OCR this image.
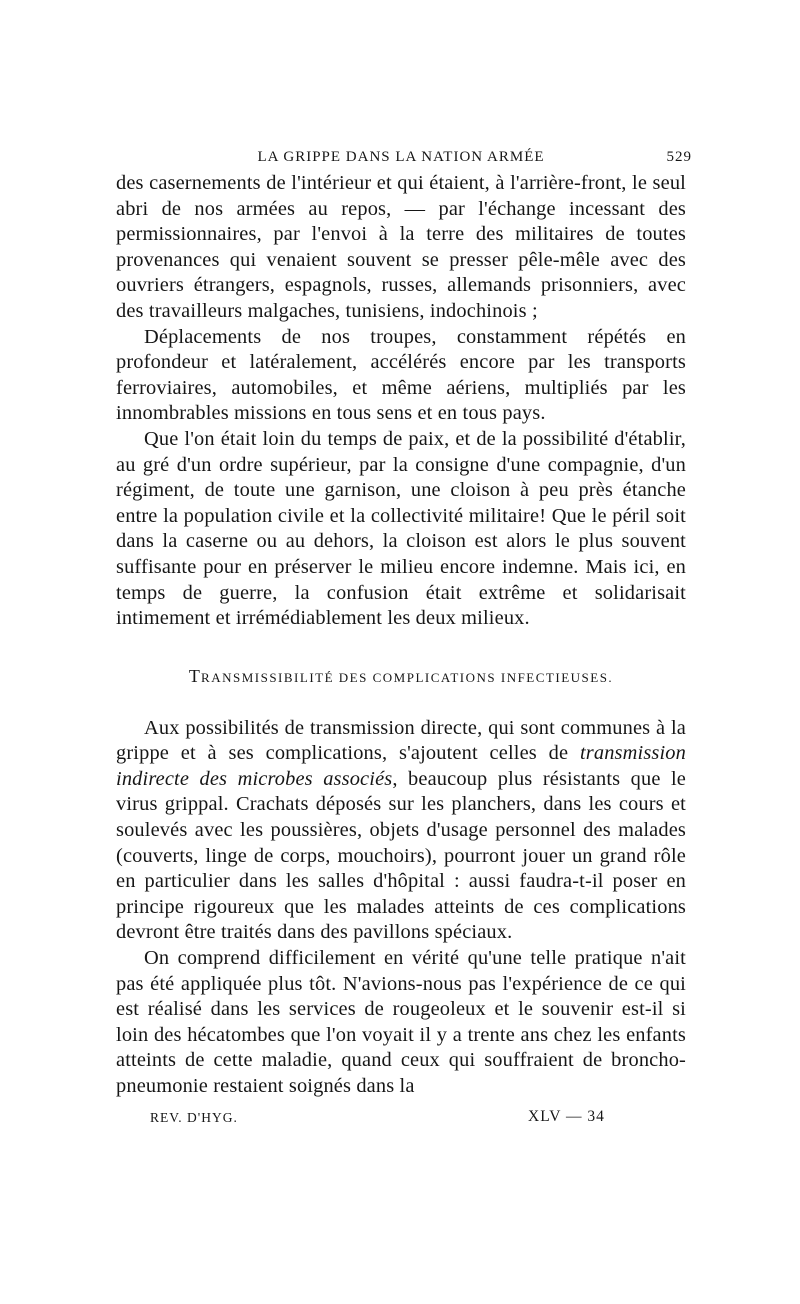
LA GRIPPE DANS LA NATION ARMÉE	529

des casernements de l'intérieur et qui étaient, à l'arrière-front, le seul abri de nos armées au repos, — par l'échange incessant des permissionnaires, par l'envoi à la terre des militaires de toutes provenances qui venaient souvent se presser pêle-mêle avec des ouvriers étrangers, espagnols, russes, allemands prisonniers, avec des travailleurs malgaches, tunisiens, indochinois ;

Déplacements de nos troupes, constamment répétés en profondeur et latéralement, accélérés encore par les transports ferroviaires, automobiles, et même aériens, multipliés par les innombrables missions en tous sens et en tous pays.

Que l'on était loin du temps de paix, et de la possibilité d'établir, au gré d'un ordre supérieur, par la consigne d'une compagnie, d'un régiment, de toute une garnison, une cloison à peu près étanche entre la population civile et la collectivité militaire! Que le péril soit dans la caserne ou au dehors, la cloison est alors le plus souvent suffisante pour en préserver le milieu encore indemne. Mais ici, en temps de guerre, la confusion était extrême et solidarisait intimement et irrémédiablement les deux milieux.

TRANSMISSIBILITÉ DES COMPLICATIONS INFECTIEUSES.

Aux possibilités de transmission directe, qui sont communes à la grippe et à ses complications, s'ajoutent celles de transmission indirecte des microbes associés, beaucoup plus résistants que le virus grippal. Crachats déposés sur les planchers, dans les cours et soulevés avec les poussières, objets d'usage personnel des malades (couverts, linge de corps, mouchoirs), pourront jouer un grand rôle en particulier dans les salles d'hôpital : aussi faudra-t-il poser en principe rigoureux que les malades atteints de ces complications devront être traités dans des pavillons spéciaux.

On comprend difficilement en vérité qu'une telle pratique n'ait pas été appliquée plus tôt. N'avions-nous pas l'expérience de ce qui est réalisé dans les services de rougeoleux et le souvenir est-il si loin des hécatombes que l'on voyait il y a trente ans chez les enfants atteints de cette maladie, quand ceux qui souffraient de broncho-pneumonie restaient soignés dans la

REV. D'HYG.	XLV — 34
